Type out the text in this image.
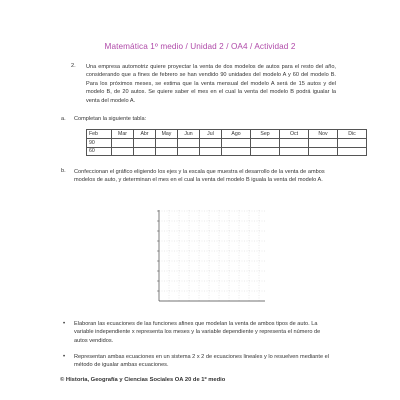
Matemática 1º medio / Unidad 2 / OA4 / Actividad 2
2. Una empresa automotriz quiere proyectar la venta de dos modelos de autos para el resto del año, considerando que a fines de febrero se han vendido 90 unidades del modelo A y 60 del modelo B. Para los próximos meses, se estima que la venta mensual del modelo A será de 15 autos y del modelo B, de 20 autos. Se quiere saber el mes en el cual la venta del modelo B podrá igualar la venta del modelo A.
a. Completan la siguiente tabla:
Feb	Mar	Abr	May	Jun	Jul	Ago	Sep	Oct	Nov	Dic
90										
60										
b. Confeccionan el gráfico eligiendo los ejes y la escala que muestra el desarrollo de la venta de ambos modelos de auto, y determinan el mes en el cual la venta del modelo B iguala la venta del modelo A.
• Elaboran las ecuaciones de las funciones afines que modelan la venta de ambos tipos de auto. La variable independiente x representa los meses y la variable dependiente y representa el número de autos vendidos.
• Representan ambas ecuaciones en un sistema 2 x 2 de ecuaciones lineales y lo resuelven mediante el método de igualar ambas ecuaciones.
© Historia, Geografía y Ciencias Sociales OA 20 de 1º medio
